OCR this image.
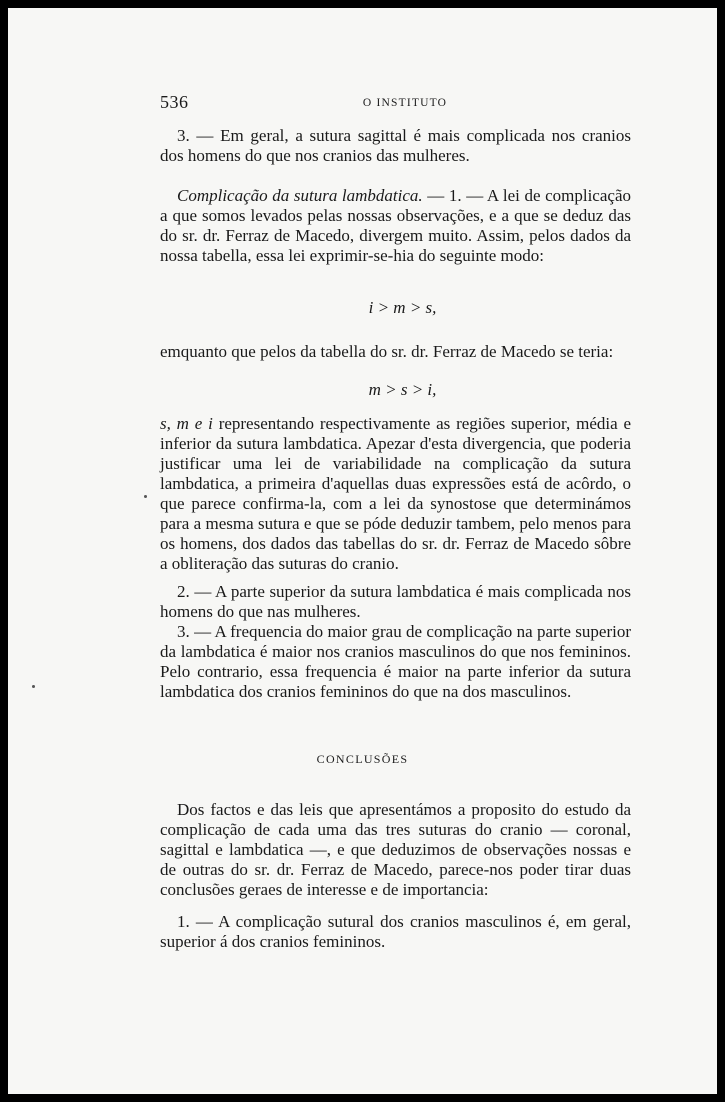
536	O INSTITUTO

3. — Em geral, a sutura sagittal é mais complicada nos cranios dos homens do que nos cranios das mulheres.

Complicação da sutura lambdatica. — 1. — A lei de complicação a que somos levados pelas nossas observações, e a que se deduz das do sr. dr. Ferraz de Macedo, divergem muito. Assim, pelos dados da nossa tabella, essa lei exprimir-se-hia do seguinte modo:

i > m > s,

emquanto que pelos da tabella do sr. dr. Ferraz de Macedo se teria:

m > s > i,

s, m e i representando respectivamente as regiões superior, média e inferior da sutura lambdatica. Apezar d'esta divergencia, que poderia justificar uma lei de variabilidade na complicação da sutura lambdatica, a primeira d'aquellas duas expressões está de acôrdo, o que parece confirma-la, com a lei da synostose que determinámos para a mesma sutura e que se póde deduzir tambem, pelo menos para os homens, dos dados das tabellas do sr. dr. Ferraz de Macedo sôbre a obliteração das suturas do cranio.

2. — A parte superior da sutura lambdatica é mais complicada nos homens do que nas mulheres.

3. — A frequencia do maior grau de complicação na parte superior da lambdatica é maior nos cranios masculinos do que nos femininos. Pelo contrario, essa frequencia é maior na parte inferior da sutura lambdatica dos cranios femininos do que na dos masculinos.

CONCLUSÕES

Dos factos e das leis que apresentámos a proposito do estudo da complicação de cada uma das tres suturas do cranio — coronal, sagittal e lambdatica —, e que deduzimos de observações nossas e de outras do sr. dr. Ferraz de Macedo, parece-nos poder tirar duas conclusões geraes de interesse e de importancia:

1. — A complicação sutural dos cranios masculinos é, em geral, superior á dos cranios femininos.
